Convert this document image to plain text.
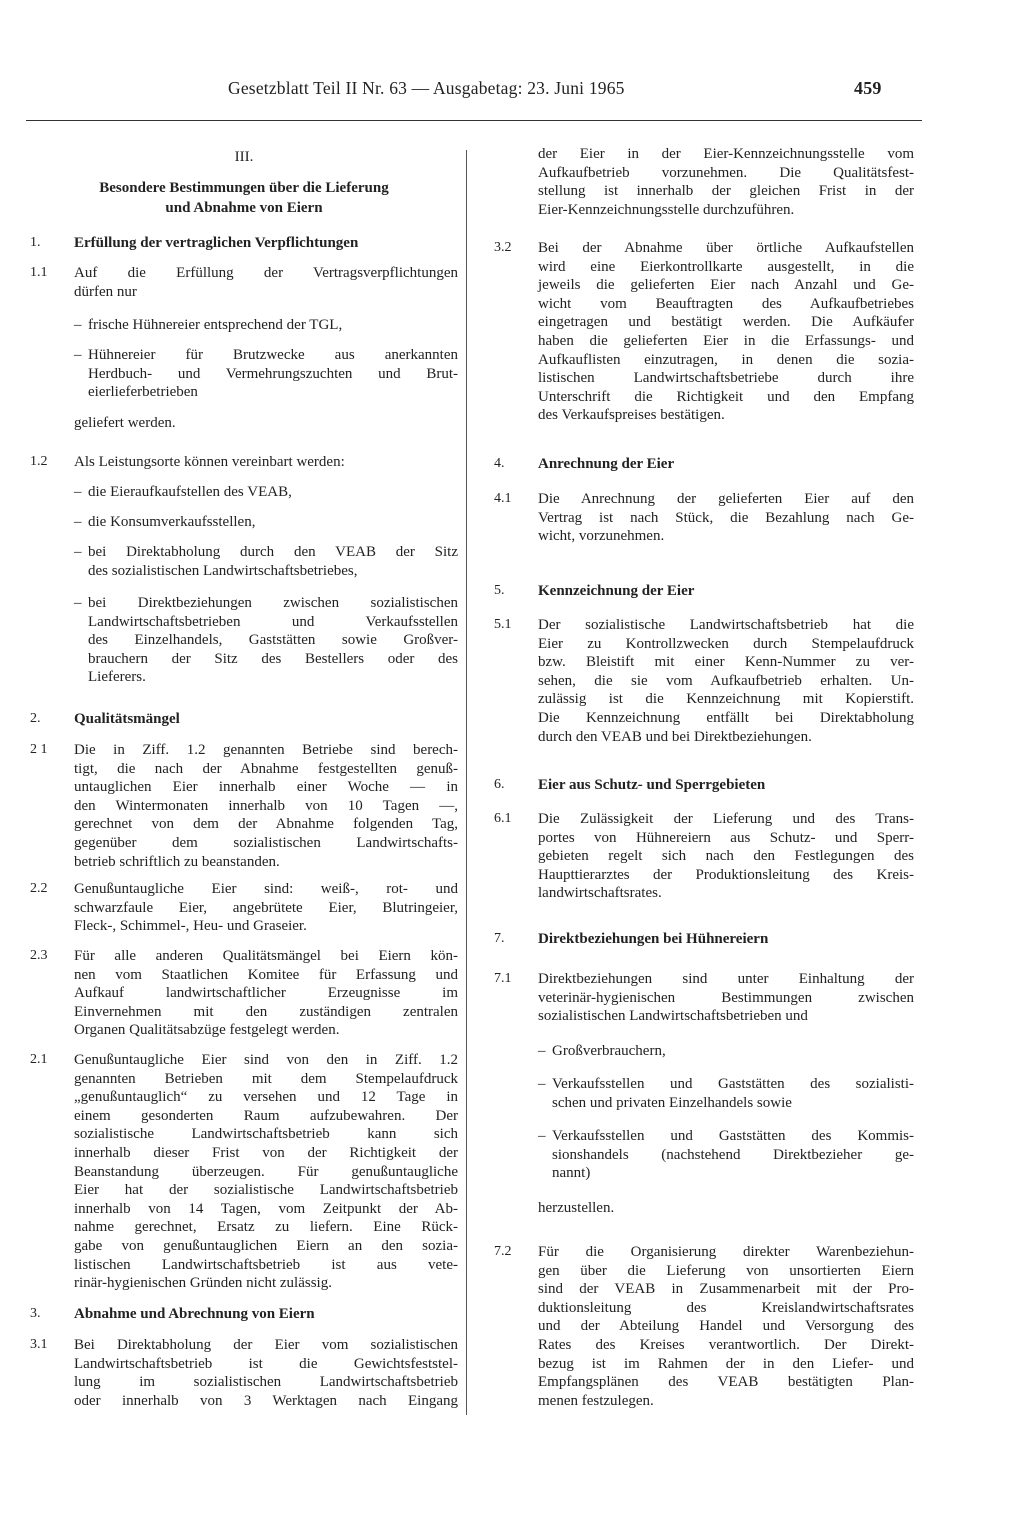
Gesetzblatt Teil II Nr. 63 — Ausgabetag: 23. Juni 1965	459
III.
Besondere Bestimmungen über die Lieferung
und Abnahme von Eiern
1. Erfüllung der vertraglichen Verpflichtungen
1.1 Auf die Erfüllung der Vertragsverpflichtungen
dürfen nur
– frische Hühnereier entsprechend der TGL,
– Hühnereier für Brutzwecke aus anerkannten
Herdbuch- und Vermehrungszuchten und Brut-
eierlieferbetrieben
geliefert werden.
1.2 Als Leistungsorte können vereinbart werden:
– die Eieraufkaufstellen des VEAB,
– die Konsumverkaufsstellen,
– bei Direktabholung durch den VEAB der Sitz
des sozialistischen Landwirtschaftsbetriebes,
– bei Direktbeziehungen zwischen sozialistischen
Landwirtschaftsbetrieben und Verkaufsstellen
des Einzelhandels, Gaststätten sowie Großver-
brauchern der Sitz des Bestellers oder des
Lieferers.
2. Qualitätsmängel
2 1 Die in Ziff. 1.2 genannten Betriebe sind berech-
tigt, die nach der Abnahme festgestellten genuß-
untauglichen Eier innerhalb einer Woche — in
den Wintermonaten innerhalb von 10 Tagen —,
gerechnet von dem der Abnahme folgenden Tag,
gegenüber dem sozialistischen Landwirtschafts-
betrieb schriftlich zu beanstanden.
2.2 Genußuntaugliche Eier sind: weiß-, rot- und
schwarzfaule Eier, angebrütete Eier, Blutringeier,
Fleck-, Schimmel-, Heu- und Graseier.
2.3 Für alle anderen Qualitätsmängel bei Eiern kön-
nen vom Staatlichen Komitee für Erfassung und
Aufkauf landwirtschaftlicher Erzeugnisse im
Einvernehmen mit den zuständigen zentralen
Organen Qualitätsabzüge festgelegt werden.
2.1 Genußuntaugliche Eier sind von den in Ziff. 1.2
genannten Betrieben mit dem Stempelaufdruck
„genußuntauglich“ zu versehen und 12 Tage in
einem gesonderten Raum aufzubewahren. Der
sozialistische Landwirtschaftsbetrieb kann sich
innerhalb dieser Frist von der Richtigkeit der
Beanstandung überzeugen. Für genußuntaugliche
Eier hat der sozialistische Landwirtschaftsbetrieb
innerhalb von 14 Tagen, vom Zeitpunkt der Ab-
nahme gerechnet, Ersatz zu liefern. Eine Rück-
gabe von genußuntauglichen Eiern an den sozia-
listischen Landwirtschaftsbetrieb ist aus vete-
rinär-hygienischen Gründen nicht zulässig.
3. Abnahme und Abrechnung von Eiern
3.1 Bei Direktabholung der Eier vom sozialistischen
Landwirtschaftsbetrieb ist die Gewichtsfeststel-
lung im sozialistischen Landwirtschaftsbetrieb
oder innerhalb von 3 Werktagen nach Eingang
der Eier in der Eier-Kennzeichnungsstelle vom
Aufkaufbetrieb vorzunehmen. Die Qualitätsfest-
stellung ist innerhalb der gleichen Frist in der
Eier-Kennzeichnungsstelle durchzuführen.
3.2 Bei der Abnahme über örtliche Aufkaufstellen
wird eine Eierkontrollkarte ausgestellt, in die
jeweils die gelieferten Eier nach Anzahl und Ge-
wicht vom Beauftragten des Aufkaufbetriebes
eingetragen und bestätigt werden. Die Aufkäufer
haben die gelieferten Eier in die Erfassungs- und
Aufkauflisten einzutragen, in denen die sozia-
listischen Landwirtschaftsbetriebe durch ihre
Unterschrift die Richtigkeit und den Empfang
des Verkaufspreises bestätigen.
4. Anrechnung der Eier
4.1 Die Anrechnung der gelieferten Eier auf den
Vertrag ist nach Stück, die Bezahlung nach Ge-
wicht, vorzunehmen.
5. Kennzeichnung der Eier
5.1 Der sozialistische Landwirtschaftsbetrieb hat die
Eier zu Kontrollzwecken durch Stempelaufdruck
bzw. Bleistift mit einer Kenn-Nummer zu ver-
sehen, die sie vom Aufkaufbetrieb erhalten. Un-
zulässig ist die Kennzeichnung mit Kopierstift.
Die Kennzeichnung entfällt bei Direktabholung
durch den VEAB und bei Direktbeziehungen.
6. Eier aus Schutz- und Sperrgebieten
6.1 Die Zulässigkeit der Lieferung und des Trans-
portes von Hühnereiern aus Schutz- und Sperr-
gebieten regelt sich nach den Festlegungen des
Haupttierarztes der Produktionsleitung des Kreis-
landwirtschaftsrates.
7. Direktbeziehungen bei Hühnereiern
7.1 Direktbeziehungen sind unter Einhaltung der
veterinär-hygienischen Bestimmungen zwischen
sozialistischen Landwirtschaftsbetrieben und
– Großverbrauchern,
– Verkaufsstellen und Gaststätten des sozialisti-
schen und privaten Einzelhandels sowie
– Verkaufsstellen und Gaststätten des Kommis-
sionshandels (nachstehend Direktbezieher ge-
nannt)
herzustellen.
7.2 Für die Organisierung direkter Warenbeziehun-
gen über die Lieferung von unsortierten Eiern
sind der VEAB in Zusammenarbeit mit der Pro-
duktionsleitung des Kreislandwirtschaftsrates
und der Abteilung Handel und Versorgung des
Rates des Kreises verantwortlich. Der Direkt-
bezug ist im Rahmen der in den Liefer- und
Empfangsplänen des VEAB bestätigten Plan-
menen festzulegen.
